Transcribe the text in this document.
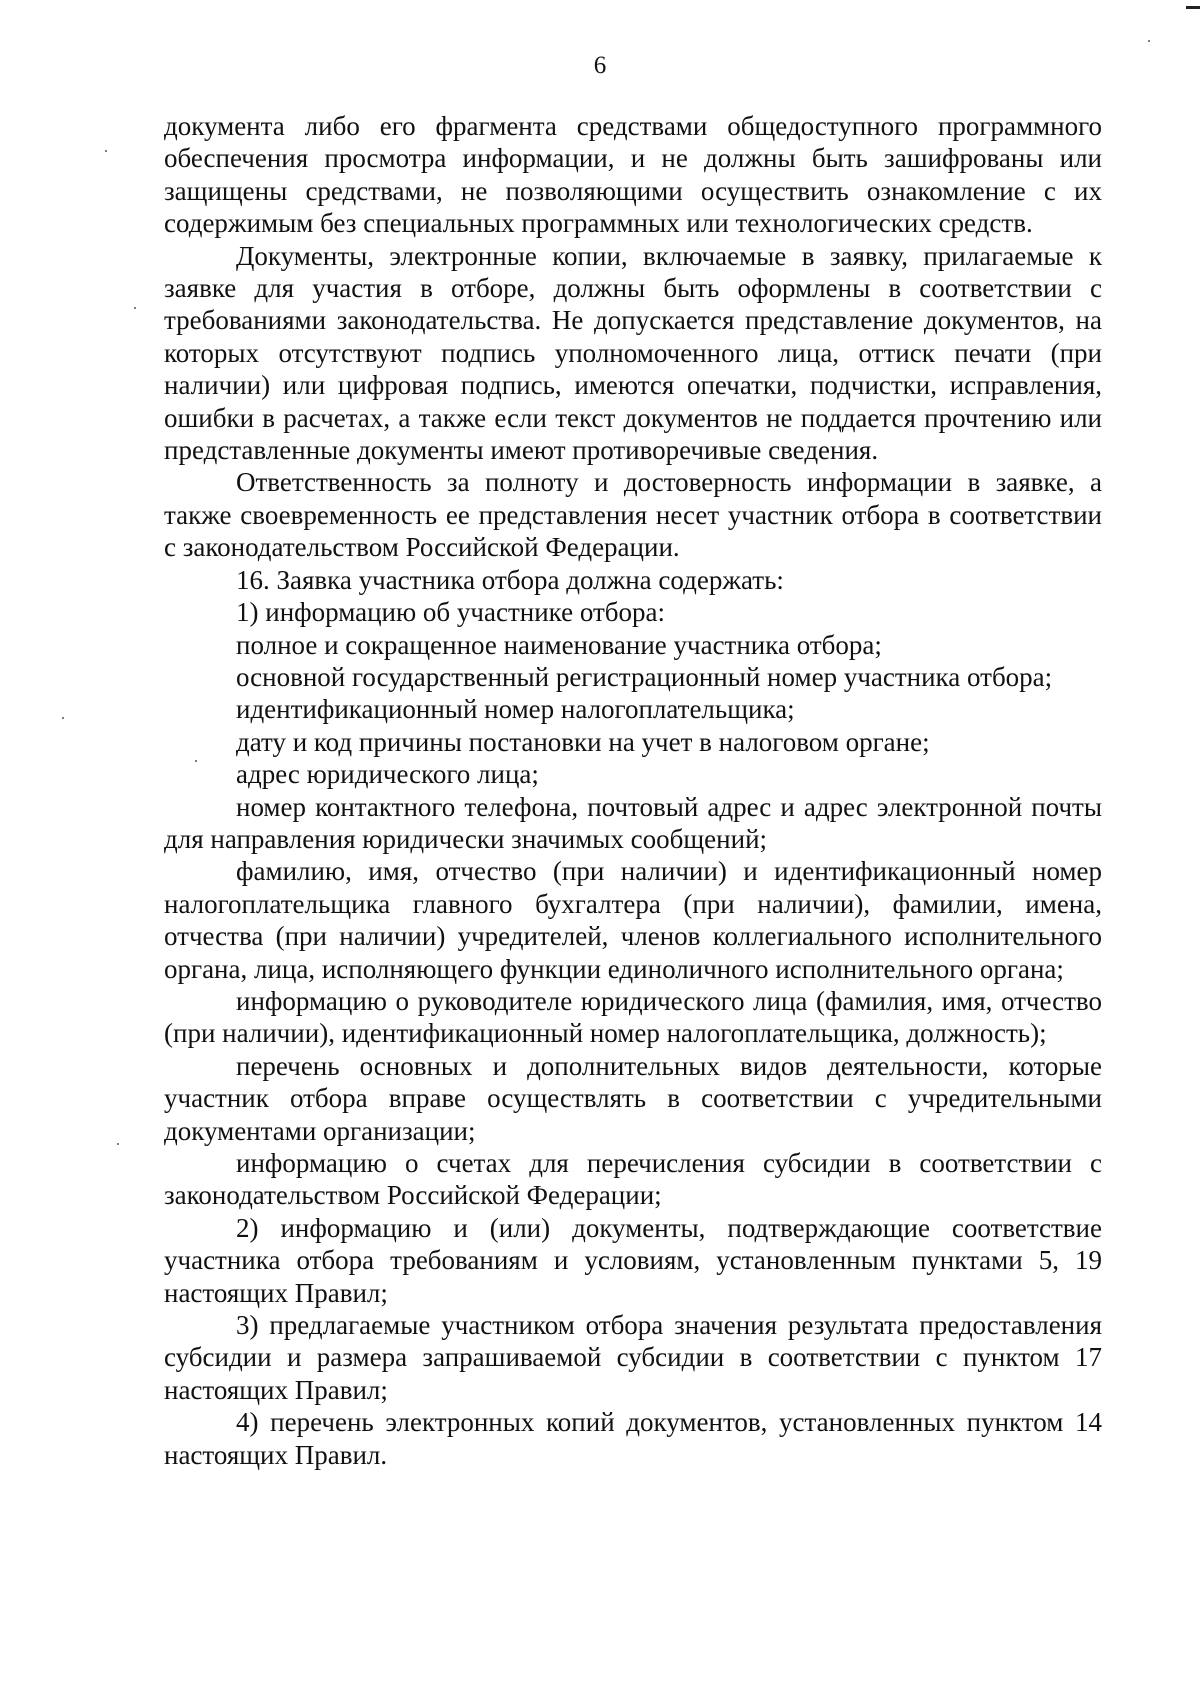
6

документа либо его фрагмента средствами общедоступного программного обеспечения просмотра информации, и не должны быть зашифрованы или защищены средствами, не позволяющими осуществить ознакомление с их содержимым без специальных программных или технологических средств.

Документы, электронные копии, включаемые в заявку, прилагаемые к заявке для участия в отборе, должны быть оформлены в соответствии с требованиями законодательства. Не допускается представление документов, на которых отсутствуют подпись уполномоченного лица, оттиск печати (при наличии) или цифровая подпись, имеются опечатки, подчистки, исправления, ошибки в расчетах, а также если текст документов не поддается прочтению или представленные документы имеют противоречивые сведения.

Ответственность за полноту и достоверность информации в заявке, а также своевременность ее представления несет участник отбора в соответствии с законодательством Российской Федерации.

16. Заявка участника отбора должна содержать:

1) информацию об участнике отбора:

полное и сокращенное наименование участника отбора;

основной государственный регистрационный номер участника отбора;

идентификационный номер налогоплательщика;

дату и код причины постановки на учет в налоговом органе;

адрес юридического лица;

номер контактного телефона, почтовый адрес и адрес электронной почты для направления юридически значимых сообщений;

фамилию, имя, отчество (при наличии) и идентификационный номер налогоплательщика главного бухгалтера (при наличии), фамилии, имена, отчества (при наличии) учредителей, членов коллегиального исполнительного органа, лица, исполняющего функции единоличного исполнительного органа;

информацию о руководителе юридического лица (фамилия, имя, отчество (при наличии), идентификационный номер налогоплательщика, должность);

перечень основных и дополнительных видов деятельности, которые участник отбора вправе осуществлять в соответствии с учредительными документами организации;

информацию о счетах для перечисления субсидии в соответствии с законодательством Российской Федерации;

2) информацию и (или) документы, подтверждающие соответствие участника отбора требованиям и условиям, установленным пунктами 5, 19 настоящих Правил;

3) предлагаемые участником отбора значения результата предоставления субсидии и размера запрашиваемой субсидии в соответствии с пунктом 17 настоящих Правил;

4) перечень электронных копий документов, установленных пунктом 14 настоящих Правил.
